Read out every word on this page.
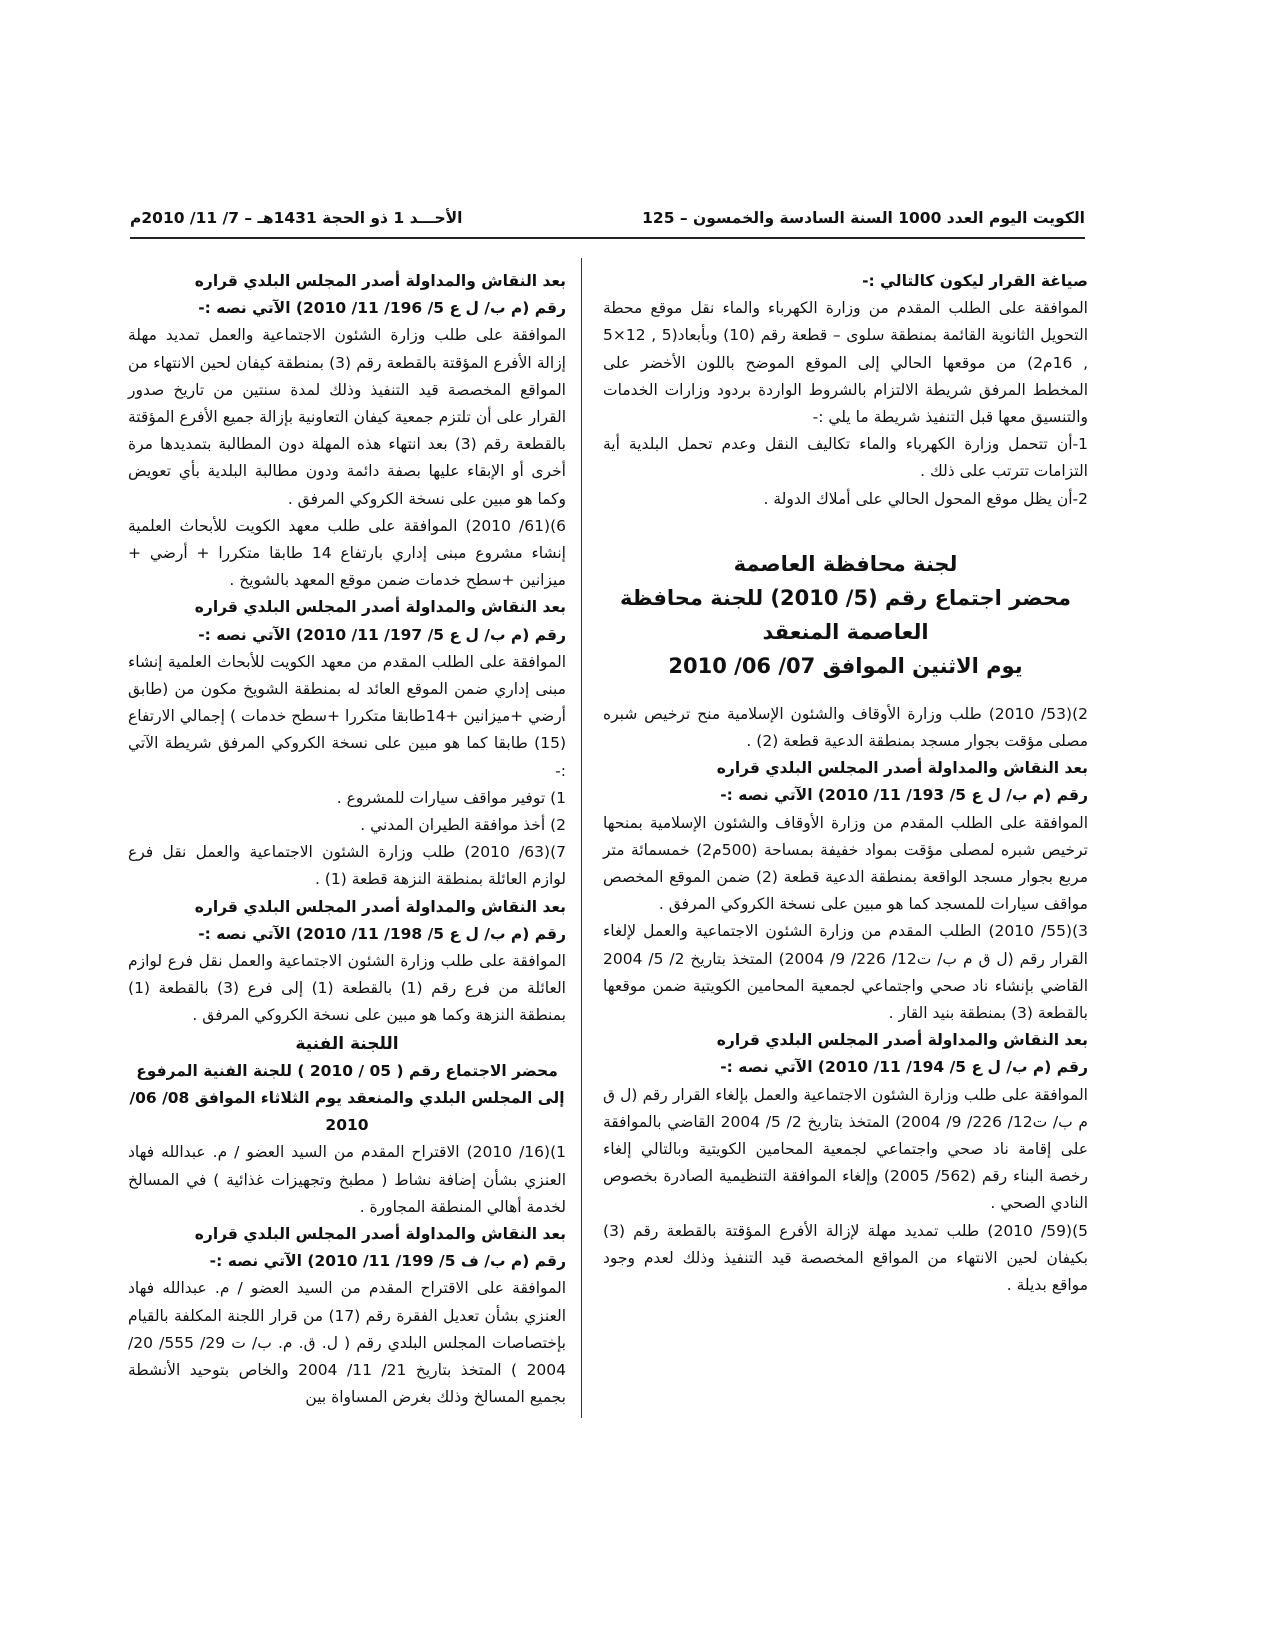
الكويت اليوم العدد 1000 السنة السادسة والخمسون – 125
الأحـــد 1 ذو الحجة 1431هـ – 7/ 11/ 2010م

صياغة القرار ليكون كالتالي :-

الموافقة على الطلب المقدم من وزارة الكهرباء والماء نقل موقع محطة التحويل الثانوية القائمة بمنطقة سلوى – قطعة رقم (10) وبأبعاد(5 , 12×5 , 16م2) من موقعها الحالي إلى الموقع الموضح باللون الأخضر على المخطط المرفق شريطة الالتزام بالشروط الواردة بردود وزارات الخدمات والتنسيق معها قبل التنفيذ شريطة ما يلي :-

1-أن تتحمل وزارة الكهرباء والماء تكاليف النقل وعدم تحمل البلدية أية التزامات تترتب على ذلك .

2-أن يظل موقع المحول الحالي على أملاك الدولة .

لجنة محافظة العاصمة

محضر اجتماع رقم (5/ 2010) للجنة محافظة

العاصمة المنعقد

يوم الاثنين الموافق 07/ 06/ 2010

2)(53/ 2010) طلب وزارة الأوقاف والشئون الإسلامية منح ترخيص شبره مصلى مؤقت بجوار مسجد بمنطقة الدعية قطعة (2) .

بعد النقاش والمداولة أصدر المجلس البلدي قراره

رقم (م ب/ ل ع 5/ 193/ 11/ 2010) الآتي نصه :-

الموافقة على الطلب المقدم من وزارة الأوقاف والشئون الإسلامية بمنحها ترخيص شبره لمصلى مؤقت بمواد خفيفة بمساحة (500م2) خمسمائة متر مربع بجوار مسجد الواقعة بمنطقة الدعية قطعة (2) ضمن الموقع المخصص مواقف سيارات للمسجد كما هو مبين على نسخة الكروكي المرفق .

3)(55/ 2010) الطلب المقدم من وزارة الشئون الاجتماعية والعمل لإلغاء القرار رقم (ل ق م ب/ ت12/ 226/ 9/ 2004) المتخذ بتاريخ 2/ 5/ 2004 القاضي بإنشاء ناد صحي واجتماعي لجمعية المحامين الكويتية ضمن موقعها بالقطعة (3) بمنطقة بنيد القار .

بعد النقاش والمداولة أصدر المجلس البلدي قراره

رقم (م ب/ ل ع 5/ 194/ 11/ 2010) الآتي نصه :-

الموافقة على طلب وزارة الشئون الاجتماعية والعمل بإلغاء القرار رقم (ل ق م ب/ ت12/ 226/ 9/ 2004) المتخذ بتاريخ 2/ 5/ 2004 القاضي بالموافقة على إقامة ناد صحي واجتماعي لجمعية المحامين الكويتية وبالتالي إلغاء رخصة البناء رقم (562/ 2005) وإلغاء الموافقة التنظيمية الصادرة بخصوص النادي الصحي .

5)(59/ 2010) طلب تمديد مهلة لإزالة الأفرع المؤقتة بالقطعة رقم (3) بكيفان لحين الانتهاء من المواقع المخصصة قيد التنفيذ وذلك لعدم وجود مواقع بديلة .

بعد النقاش والمداولة أصدر المجلس البلدي قراره

رقم (م ب/ ل ع 5/ 196/ 11/ 2010) الآتي نصه :-

الموافقة على طلب وزارة الشئون الاجتماعية والعمل تمديد مهلة إزالة الأفرع المؤقتة بالقطعة رقم (3) بمنطقة كيفان لحين الانتهاء من المواقع المخصصة قيد التنفيذ وذلك لمدة سنتين من تاريخ صدور القرار على أن تلتزم جمعية كيفان التعاونية بإزالة جميع الأفرع المؤقتة بالقطعة رقم (3) بعد انتهاء هذه المهلة دون المطالبة بتمديدها مرة أخرى أو الإبقاء عليها بصفة دائمة ودون مطالبة البلدية بأي تعويض وكما هو مبين على نسخة الكروكي المرفق .

6)(61/ 2010) الموافقة على طلب معهد الكويت للأبحاث العلمية إنشاء مشروع مبنى إداري بارتفاع 14 طابقا متكررا + أرضي + ميزانين +سطح خدمات ضمن موقع المعهد بالشويخ .

بعد النقاش والمداولة أصدر المجلس البلدي قراره

رقم (م ب/ ل ع 5/ 197/ 11/ 2010) الآتي نصه :-

الموافقة على الطلب المقدم من معهد الكويت للأبحاث العلمية إنشاء مبنى إداري ضمن الموقع العائد له بمنطقة الشويخ مكون من (طابق أرضي +ميزانين +14طابقا متكررا +سطح خدمات ) إجمالي الارتفاع (15) طابقا كما هو مبين على نسخة الكروكي المرفق شريطة الآتي :-

1) توفير مواقف سيارات للمشروع .

2) أخذ موافقة الطيران المدني .

7)(63/ 2010) طلب وزارة الشئون الاجتماعية والعمل نقل فرع لوازم العائلة بمنطقة النزهة قطعة (1) .

بعد النقاش والمداولة أصدر المجلس البلدي قراره

رقم (م ب/ ل ع 5/ 198/ 11/ 2010) الآتي نصه :-

الموافقة على طلب وزارة الشئون الاجتماعية والعمل نقل فرع لوازم العائلة من فرع رقم (1) بالقطعة (1) إلى فرع (3) بالقطعة (1) بمنطقة النزهة وكما هو مبين على نسخة الكروكي المرفق .

اللجنة الفنية

محضر الاجتماع رقم ( 05 / 2010 ) للجنة الفنية المرفوع إلى المجلس البلدي والمنعقد يوم الثلاثاء الموافق 08/ 06/ 2010

1)(16/ 2010) الاقتراح المقدم من السيد العضو / م. عبدالله فهاد العنزي بشأن إضافة نشاط ( مطبخ وتجهيزات غذائية ) في المسالخ لخدمة أهالي المنطقة المجاورة .

بعد النقاش والمداولة أصدر المجلس البلدي قراره

رقم (م ب/ ف 5/ 199/ 11/ 2010) الآتي نصه :-

الموافقة على الاقتراح المقدم من السيد العضو / م. عبدالله فهاد العنزي بشأن تعديل الفقرة رقم (17) من قرار اللجنة المكلفة بالقيام بإختصاصات المجلس البلدي رقم ( ل. ق. م. ب/ ت 29/ 555/ 20/ 2004 ) المتخذ بتاريخ 21/ 11/ 2004 والخاص بتوحيد الأنشطة بجميع المسالخ وذلك بغرض المساواة بين
